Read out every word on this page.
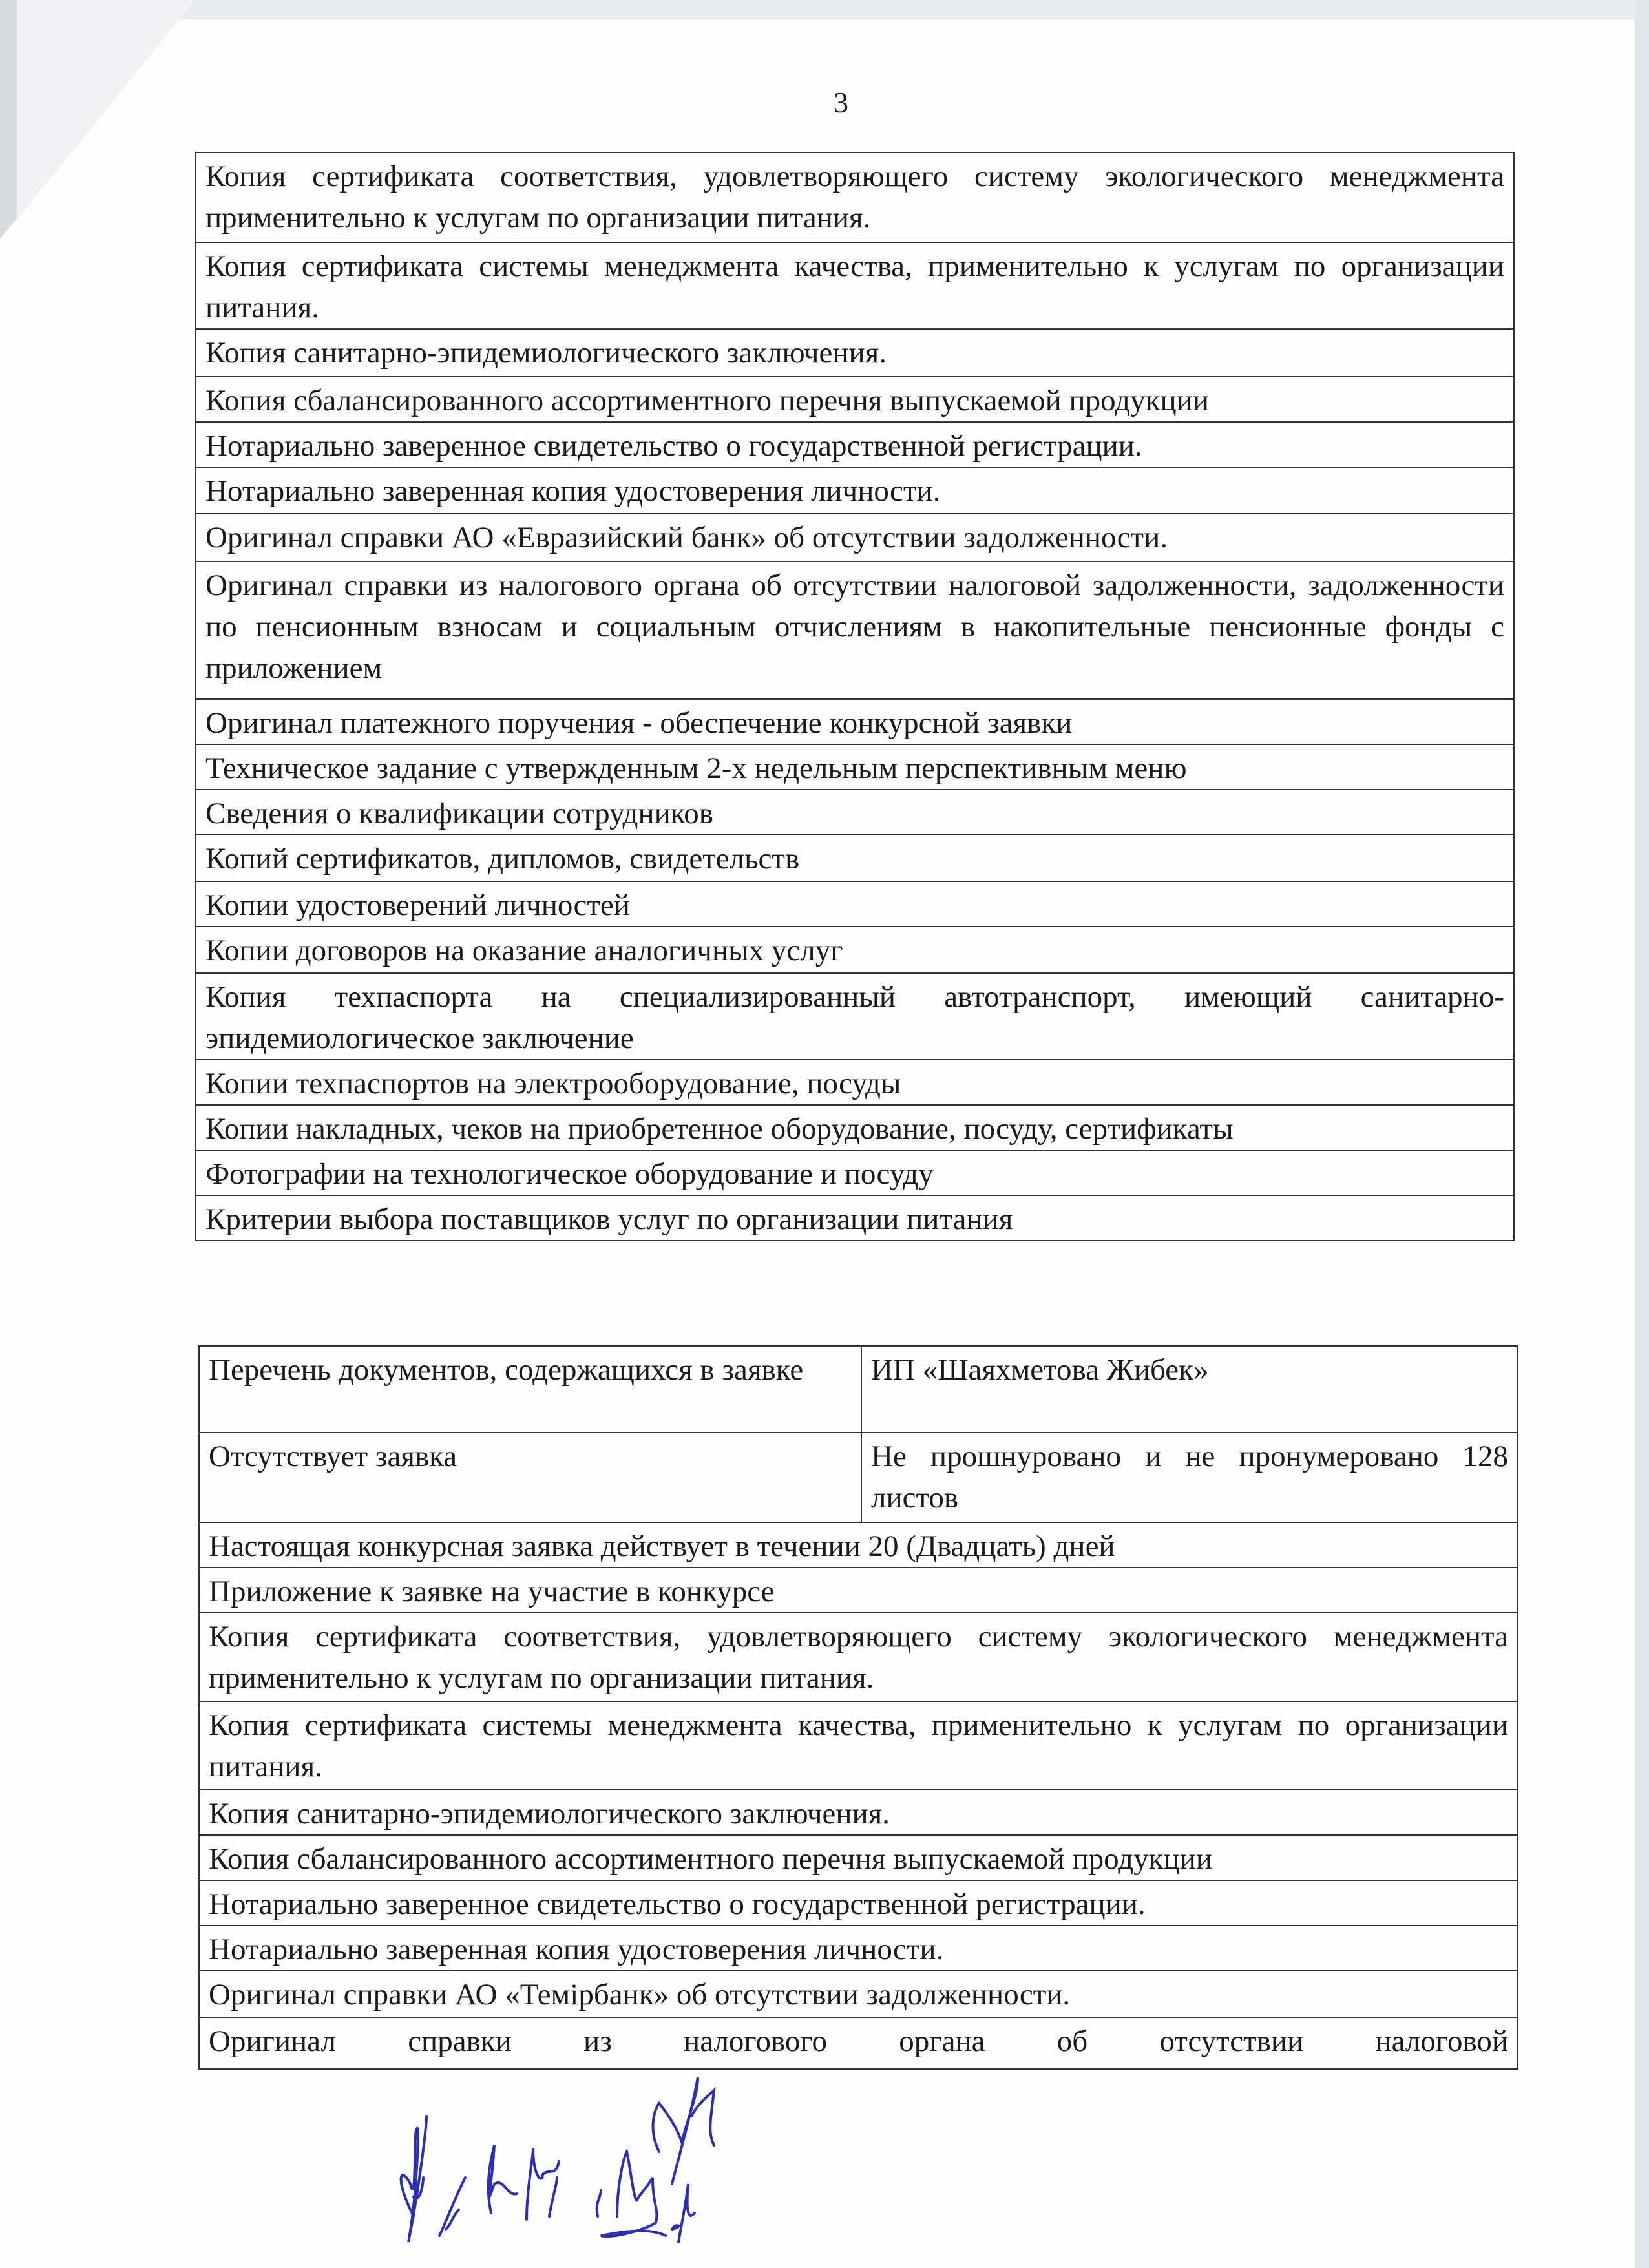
3
Копия сертификата соответствия, удовлетворяющего систему экологического менеджмента применительно к услугам по организации питания.
Копия сертификата системы менеджмента качества, применительно к услугам по организации питания.
Копия санитарно-эпидемиологического заключения.
Копия сбалансированного ассортиментного перечня выпускаемой продукции
Нотариально заверенное свидетельство о государственной регистрации.
Нотариально заверенная копия удостоверения личности.
Оригинал справки АО «Евразийский банк» об отсутствии задолженности.
Оригинал справки из налогового органа об отсутствии налоговой задолженности, задолженности по пенсионным взносам и социальным отчислениям в накопительные пенсионные фонды с приложением
Оригинал платежного поручения - обеспечение конкурсной заявки
Техническое задание с утвержденным 2-х недельным перспективным меню
Сведения о квалификации сотрудников
Копий сертификатов, дипломов, свидетельств
Копии удостоверений личностей
Копии договоров на оказание аналогичных услуг
Копия техпаспорта на специализированный автотранспорт, имеющий санитарно-эпидемиологическое заключение
Копии техпаспортов на электрооборудование, посуды
Копии накладных, чеков на приобретенное оборудование, посуду, сертификаты
Фотографии на технологическое оборудование и посуду
Критерии выбора поставщиков услуг по организации питания
Перечень документов, содержащихся в заявке	ИП «Шаяхметова Жибек»
Отсутствует заявка	Не прошнуровано и не пронумеровано 128 листов
Настоящая конкурсная заявка действует в течении 20 (Двадцать) дней	
Приложение к заявке на участие в конкурсе	
Копия сертификата соответствия, удовлетворяющего систему экологического менеджмента применительно к услугам по организации питания.	
Копия сертификата системы менеджмента качества, применительно к услугам по организации питания.	
Копия санитарно-эпидемиологического заключения.	
Копия сбалансированного ассортиментного перечня выпускаемой продукции	
Нотариально заверенное свидетельство о государственной регистрации.	
Нотариально заверенная копия удостоверения личности.	
Оригинал справки АО «Темірбанк» об отсутствии задолженности.	
Оригинал справки из налогового органа об отсутствии налоговой	
